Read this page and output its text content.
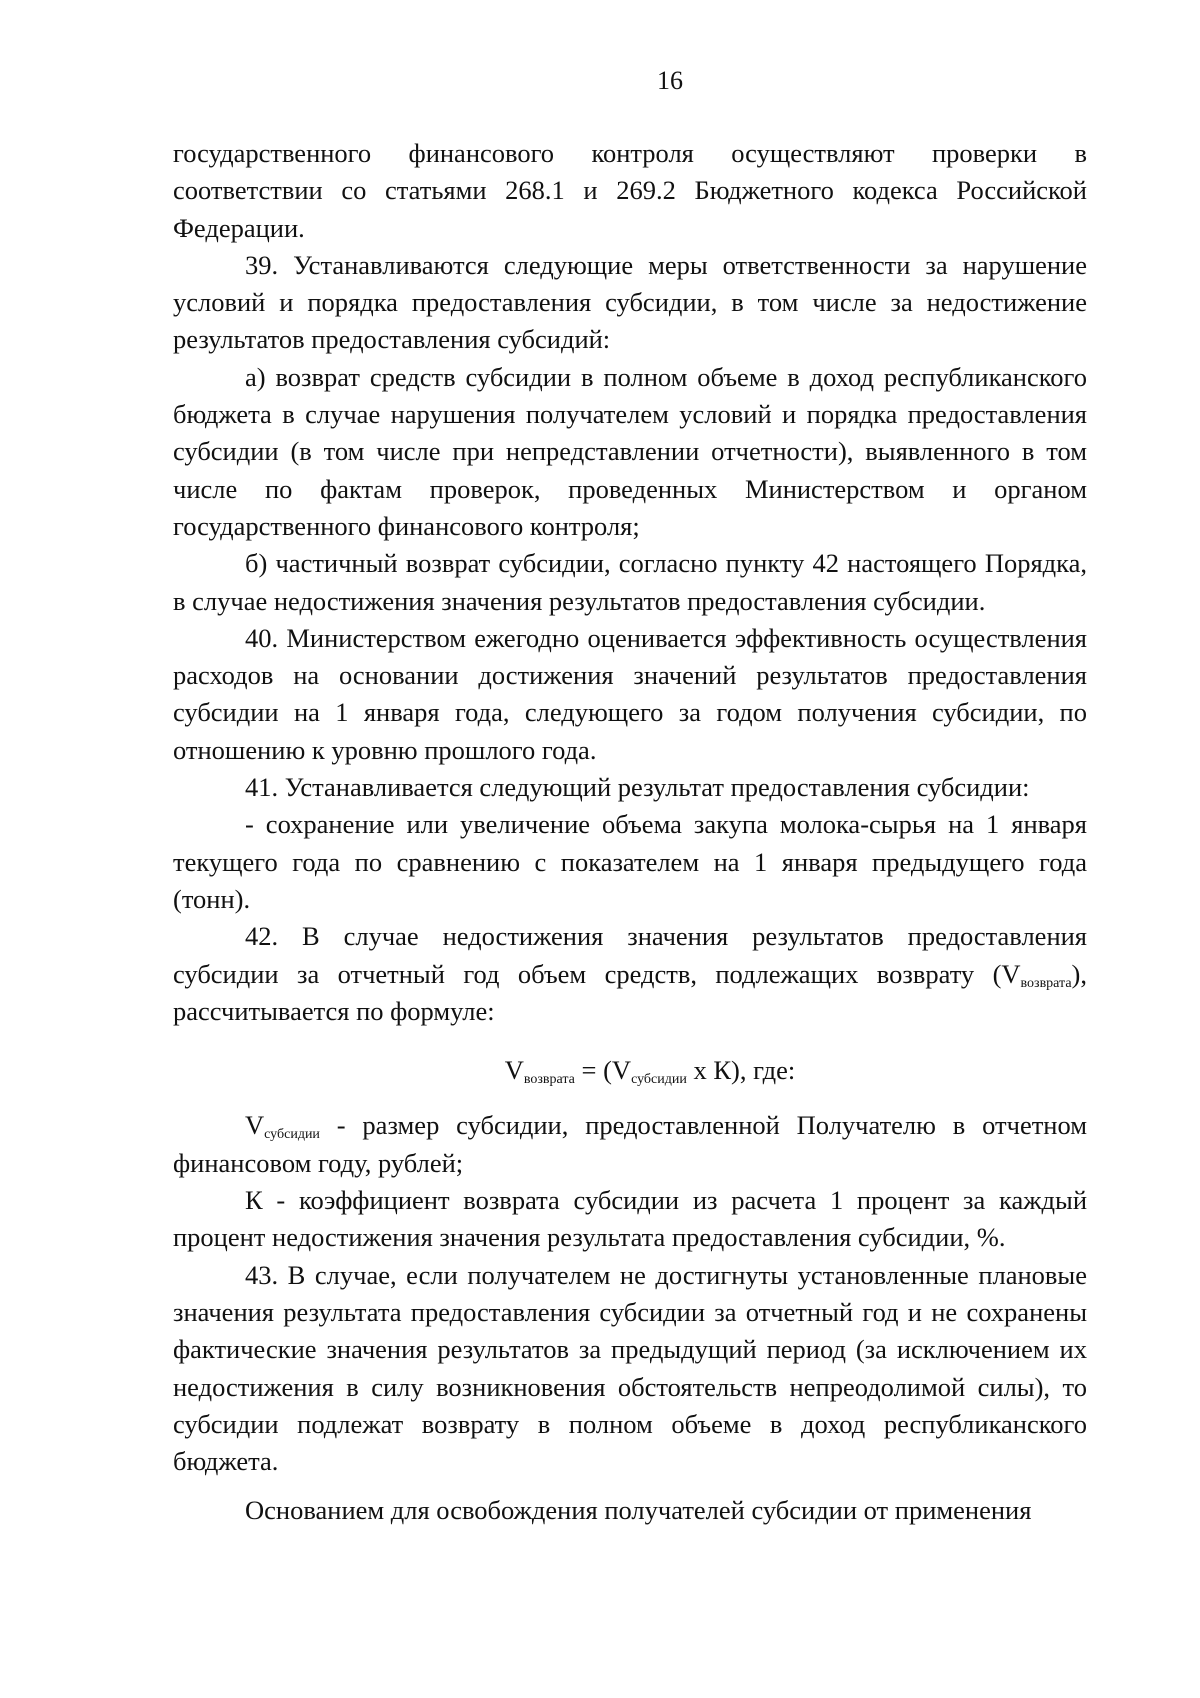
16

государственного финансового контроля осуществляют проверки в соответствии со статьями 268.1 и 269.2 Бюджетного кодекса Российской Федерации.

39. Устанавливаются следующие меры ответственности за нарушение условий и порядка предоставления субсидии, в том числе за недостижение результатов предоставления субсидий:

а) возврат средств субсидии в полном объеме в доход республиканского бюджета в случае нарушения получателем условий и порядка предоставления субсидии (в том числе при непредставлении отчетности), выявленного в том числе по фактам проверок, проведенных Министерством и органом государственного финансового контроля;

б) частичный возврат субсидии, согласно пункту 42 настоящего Порядка, в случае недостижения значения результатов предоставления субсидии.

40. Министерством ежегодно оценивается эффективность осуществления расходов на основании достижения значений результатов предоставления субсидии на 1 января года, следующего за годом получения субсидии, по отношению к уровню прошлого года.

41. Устанавливается следующий результат предоставления субсидии:

- сохранение или увеличение объема закупа молока-сырья на 1 января текущего года по сравнению с показателем на 1 января предыдущего года (тонн).

42. В случае недостижения значения результатов предоставления субсидии за отчетный год объем средств, подлежащих возврату $(V_{возврата})$, рассчитывается по формуле:

$V_{возврата} = (V_{субсидии}$ х К), где:

$V_{субсидии}$ - размер субсидии, предоставленной Получателю в отчетном финансовом году, рублей;

К - коэффициент возврата субсидии из расчета 1 процент за каждый процент недостижения значения результата предоставления субсидии, %.

43. В случае, если получателем не достигнуты установленные плановые значения результата предоставления субсидии за отчетный год и не сохранены фактические значения результатов за предыдущий период (за исключением их недостижения в силу возникновения обстоятельств непреодолимой силы), то субсидии подлежат возврату в полном объеме в доход республиканского бюджета.

Основанием для освобождения получателей субсидии от применения
